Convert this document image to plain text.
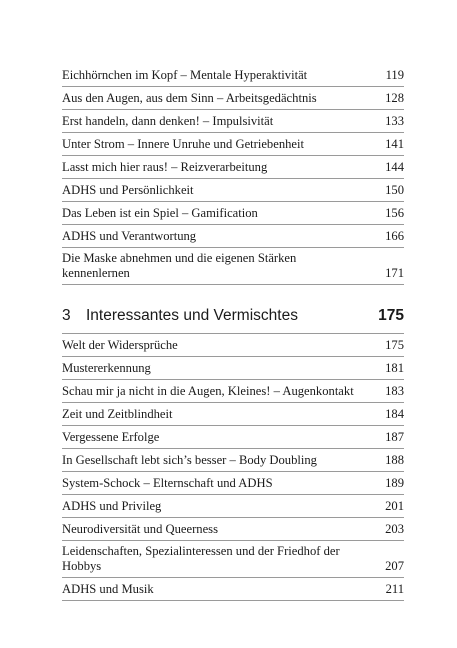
Eichhörnchen im Kopf – Mentale Hyperaktivität	119
Aus den Augen, aus dem Sinn – Arbeitsgedächtnis	128
Erst handeln, dann denken! – Impulsivität	133
Unter Strom – Innere Unruhe und Getriebenheit	141
Lasst mich hier raus! – Reizverarbeitung	144
ADHS und Persönlichkeit	150
Das Leben ist ein Spiel – Gamification	156
ADHS und Verantwortung	166
Die Maske abnehmen und die eigenen Stärken
kennenlernen	171
3 Interessantes und Vermischtes	175
Welt der Widersprüche	175
Mustererkennung	181
Schau mir ja nicht in die Augen, Kleines! – Augenkontakt 183
Zeit und Zeitblindheit	184
Vergessene Erfolge	187
In Gesellschaft lebt sich’s besser – Body Doubling	188
System-Schock – Elternschaft und ADHS	189
ADHS und Privileg	201
Neurodiversität und Queerness	203
Leidenschaften, Spezialinteressen und der Friedhof der
Hobbys	207
ADHS und Musik	211
